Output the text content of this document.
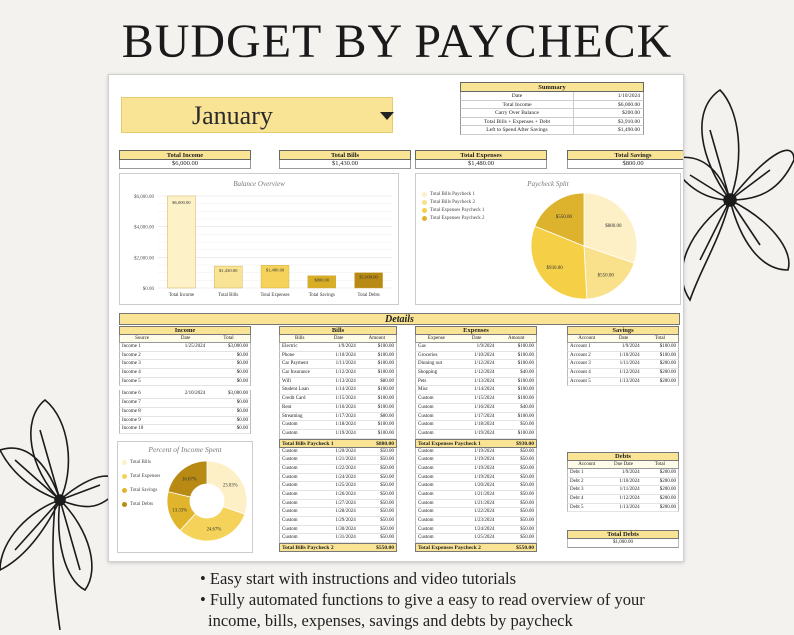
BUDGET BY PAYCHECK
January
Summary
Date	1/10/2024
Total Income	$6,000.00
Carry Over Balance	$200.00
Total Bills + Expenses + Debt	$3,910.00
Left to Spend After Savings	$1,490.00
Total Income
$6,000.00
Total Bills
$1,430.00
Total Expenses
$1,480.00
Total Savings
$800.00
Balance Overview
$0.00
$2,000.00
$4,000.00
$6,000.00
$6,000.00
Total Income
$1,430.00
Total Bills
$1,480.00
Total Expenses
$800.00
Total Savings
$1,000.00
Total Debts
Paycheck Split
Total Bills Paycheck 1
Total Bills Paycheck 2
Total Expenses Paycheck 1
Total Expenses Paycheck 2
$880.00
$550.00
$930.00
$550.00
Details
Income
Source	Date	Total
Income 1	1/25/2024	$3,000.00
Income 2	$0.00
Income 3	$0.00
Income 4	$0.00
Income 5	$0.00
Income 6	2/10/2024	$3,000.00
Income 7	$0.00
Income 8	$0.00
Income 9	$0.00
Income 10	$0.00
Percent of Income Spent
Total Bills
Total Expenses
Total Savings
Total Debts
23.83%
24.67%
13.33%
16.67%
Bills
Bills	Date	Amount
Electric	1/9/2024	$100.00
Phone	1/10/2024	$100.00
Car Payment	1/11/2024	$100.00
Car Insurance	1/12/2024	$100.00
Wifi	1/13/2024	$80.00
Student Loan	1/14/2024	$100.00
Credit Card	1/15/2024	$100.00
Rent	1/16/2024	$100.00
Streaming	1/17/2024	$80.00
Custom	1/18/2024	$100.00
Custom	1/19/2024	$100.00
Total Bills Paycheck 1	$880.00
Custom	1/20/2024	$50.00
Custom	1/21/2024	$50.00
Custom	1/22/2024	$50.00
Custom	1/24/2024	$50.00
Custom	1/25/2024	$50.00
Custom	1/26/2024	$50.00
Custom	1/27/2024	$50.00
Custom	1/28/2024	$50.00
Custom	1/29/2024	$50.00
Custom	1/30/2024	$50.00
Custom	1/31/2024	$50.00
Total Bills Paycheck 2	$550.00
Expenses
Expense	Date	Amount
Gas	1/9/2024	$100.00
Groceries	1/10/2024	$100.00
Dinning out	1/12/2024	$100.00
Shopping	1/12/2024	$40.00
Pets	1/13/2024	$100.00
Misc	1/14/2024	$100.00
Custom	1/15/2024	$100.00
Custom	1/16/2024	$40.00
Custom	1/17/2024	$100.00
Custom	1/18/2024	$50.00
Custom	1/19/2024	$100.00
Total Expenses Paycheck 1	$930.00
Custom	1/19/2024	$50.00
Custom	1/19/2024	$50.00
Custom	1/19/2024	$50.00
Custom	1/19/2024	$50.00
Custom	1/20/2024	$50.00
Custom	1/21/2024	$50.00
Custom	1/21/2024	$50.00
Custom	1/22/2024	$50.00
Custom	1/23/2024	$50.00
Custom	1/24/2024	$50.00
Custom	1/25/2024	$50.00
Total Expenses Paycheck 2	$550.00
Savings
Account	Date	Total
Account 1	1/9/2024	$100.00
Account 2	1/10/2024	$100.00
Account 3	1/11/2024	$200.00
Account 4	1/12/2024	$200.00
Account 5	1/13/2024	$200.00
Debts
Account	Due Date	Total
Debt 1	1/9/2024	$200.00
Debt 2	1/10/2024	$200.00
Debt 3	1/11/2024	$200.00
Debt 4	1/12/2024	$200.00
Debt 5	1/13/2024	$200.00
Total Debts
$1,000.00
• Easy start with instructions and video tutorials
• Fully automated functions to give a easy to read overview of your
income, bills, expenses, savings and debts by paycheck
